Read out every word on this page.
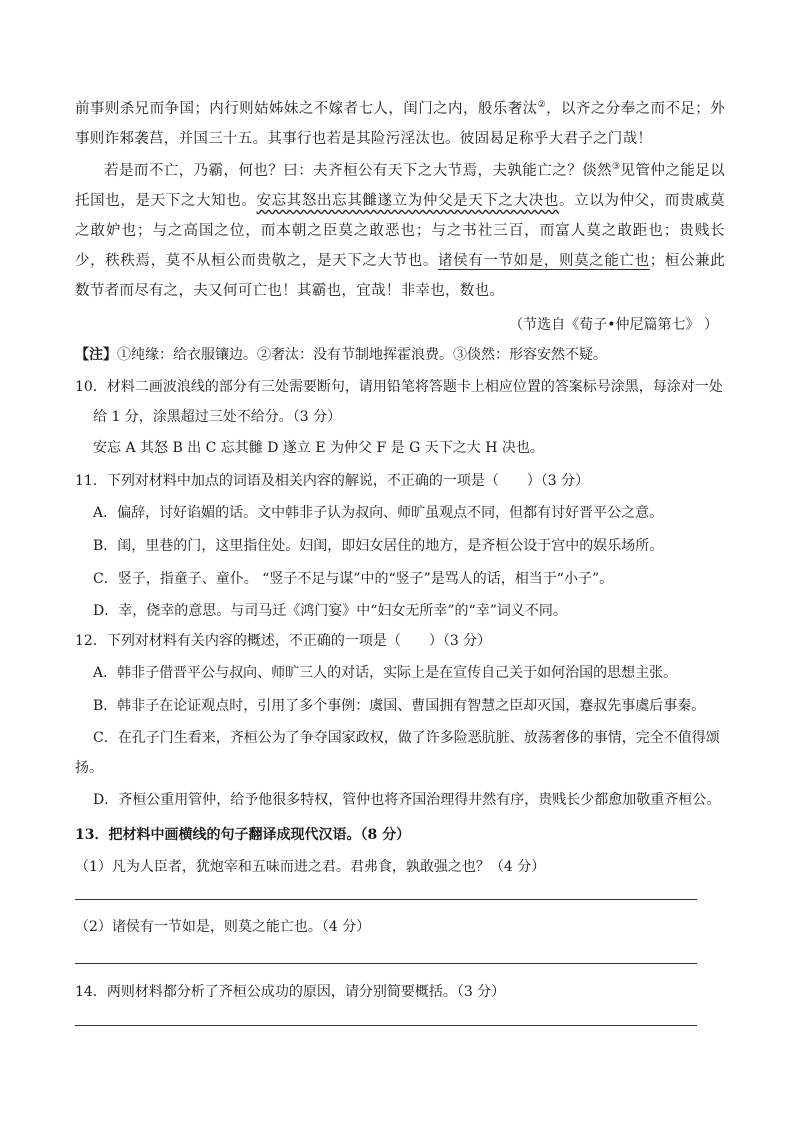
前事则杀兄而争国；内行则姑姊妹之不嫁者七人，闺门之内，般乐奢汰②，以齐之分奉之而不足；外事则诈邾袭莒，并国三十五。其事行也若是其险污淫汰也。彼固曷足称乎大君子之门哉！
若是而不亡，乃霸，何也？曰：夫齐桓公有天下之大节焉，夫孰能亡之？倓然③见管仲之能足以托国也，是天下之大知也。安忘其怒出忘其雠遂立为仲父是天下之大决也。立以为仲父，而贵戚莫之敢妒也；与之高国之位，而本朝之臣莫之敢恶也；与之书社三百，而富人莫之敢距也；贵贱长少，秩秩焉，莫不从桓公而贵敬之，是天下之大节也。诸侯有一节如是，则莫之能亡也；桓公兼此数节者而尽有之，夫又何可亡也！其霸也，宜哉！非幸也，数也。
（节选自《荀子•仲尼篇第七》 ）
【注】①纯缘：给衣服镶边。②奢汰：没有节制地挥霍浪费。③倓然：形容安然不疑。
10．材料二画波浪线的部分有三处需要断句，请用铅笔将答题卡上相应位置的答案标号涂黑，每涂对一处
给 1 分，涂黑超过三处不给分。（3 分）
安忘 A 其怒 B 出 C 忘其雠 D 遂立 E 为仲父 F 是 G 天下之大 H 决也。
11．下列对材料中加点的词语及相关内容的解说，不正确的一项是（　　）（3 分）
A．偏辞，讨好谄媚的话。文中韩非子认为叔向、师旷虽观点不同，但都有讨好晋平公之意。
B．闺，里巷的门，这里指住处。妇闺，即妇女居住的地方，是齐桓公设于宫中的娱乐场所。
C．竖子，指童子、童仆。 “竖子不足与谋”中的“竖子”是骂人的话，相当于“小子”。
D．幸，侥幸的意思。与司马迁《鸿门宴》中“妇女无所幸”的“幸”词义不同。
12．下列对材料有关内容的概述，不正确的一项是（　　）（3 分）
A．韩非子借晋平公与叔向、师旷三人的对话，实际上是在宣传自己关于如何治国的思想主张。
B．韩非子在论证观点时，引用了多个事例：虞国、曹国拥有智慧之臣却灭国，蹇叔先事虞后事秦。
C．在孔子门生看来，齐桓公为了争夺国家政权，做了许多险恶肮脏、放荡奢侈的事情，完全不值得颂
扬。
D．齐桓公重用管仲，给予他很多特权，管仲也将齐国治理得井然有序，贵贱长少都愈加敬重齐桓公。
13．把材料中画横线的句子翻译成现代汉语。（8 分）
（1）凡为人臣者，犹炮宰和五味而进之君。君弗食，孰敢强之也？（4 分）
（2）诸侯有一节如是，则莫之能亡也。（4 分）
14．两则材料都分析了齐桓公成功的原因，请分别简要概括。（3 分）
